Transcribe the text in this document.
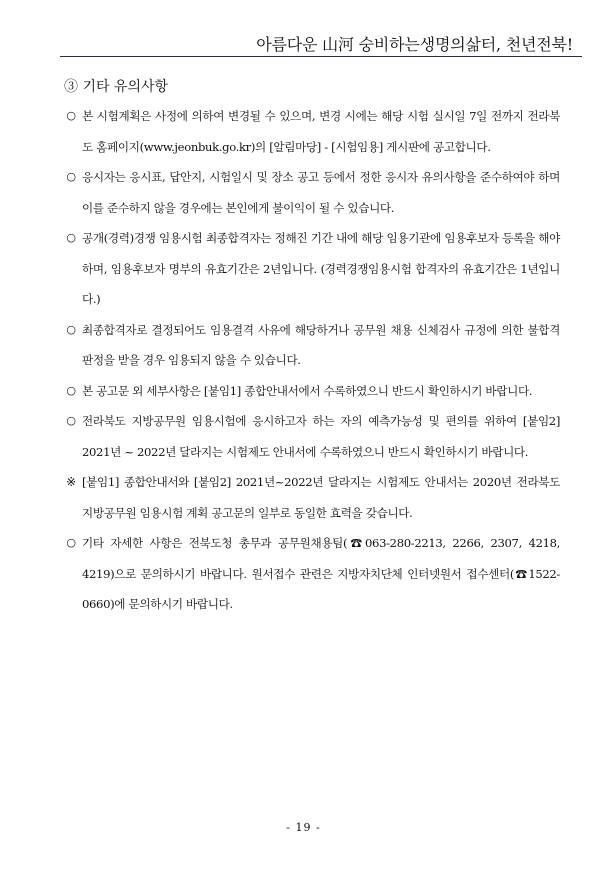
아름다운 山河 숭비하는생명의삶터, 천년전북!
③ 기타 유의사항
○ 본 시험계획은 사정에 의하여 변경될 수 있으며, 변경 시에는 해당 시험 실시일 7일 전까지 전라북도 홈페이지(www.jeonbuk.go.kr)의 [알림마당] - [시험임용] 게시판에 공고합니다.
○ 응시자는 응시표, 답안지, 시험일시 및 장소 공고 등에서 정한 응시자 유의사항을 준수하여야 하며 이를 준수하지 않을 경우에는 본인에게 불이익이 될 수 있습니다.
○ 공개(경력)경쟁 임용시험 최종합격자는 정해진 기간 내에 해당 임용기관에 임용후보자 등록을 해야 하며, 임용후보자 명부의 유효기간은 2년입니다. (경력경쟁임용시험 합격자의 유효기간은 1년입니다.)
○ 최종합격자로 결정되어도 임용결격 사유에 해당하거나 공무원 채용 신체검사 규정에 의한 불합격 판정을 받을 경우 임용되지 않을 수 있습니다.
○ 본 공고문 외 세부사항은 [붙임1] 종합안내서에서 수록하였으니 반드시 확인하시기 바랍니다.
○ 전라북도 지방공무원 임용시험에 응시하고자 하는 자의 예측가능성 및 편의를 위하여 [붙임2] 2021년 ~ 2022년 달라지는 시험제도 안내서에 수록하였으니 반드시 확인하시기 바랍니다.
※ [붙임1] 종합안내서와 [붙임2] 2021년~2022년 달라지는 시험제도 안내서는 2020년 전라북도 지방공무원 임용시험 계획 공고문의 일부로 동일한 효력을 갖습니다.
○ 기타 자세한 사항은 전북도청 총무과 공무원채용팀(☎063-280-2213, 2266, 2307, 4218, 4219)으로 문의하시기 바랍니다. 원서접수 관련은 지방자치단체 인터넷원서 접수센터(☎1522-0660)에 문의하시기 바랍니다.
- 19 -
